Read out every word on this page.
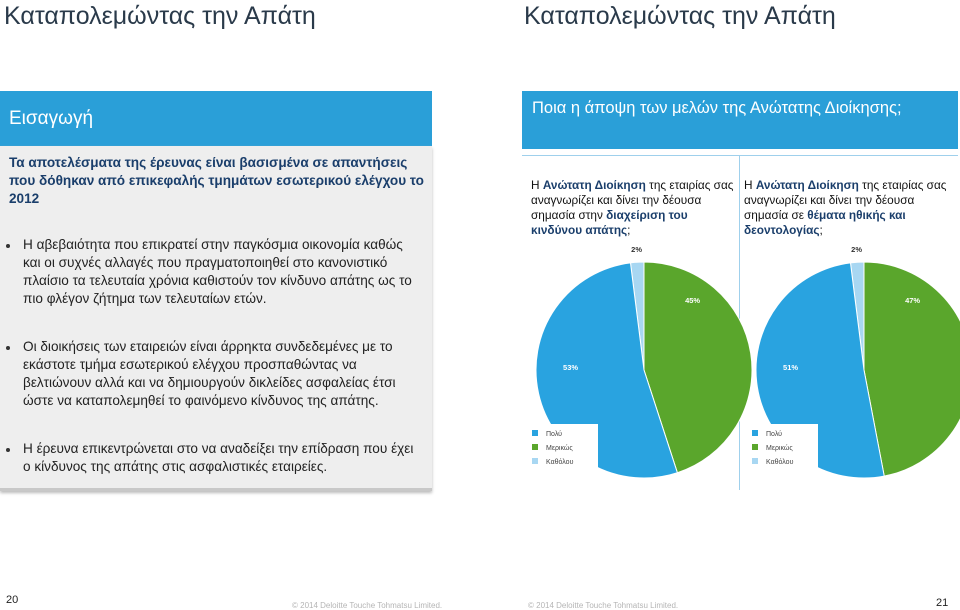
Καταπολεμώντας την Απάτη	Καταπολεμώντας την Απάτη
Εισαγωγή
Τα αποτελέσματα της έρευνας είναι βασισμένα σε απαντήσεις που δόθηκαν από επικεφαλής τμημάτων εσωτερικού ελέγχου το 2012
Η αβεβαιότητα που επικρατεί στην παγκόσμια οικονομία καθώς και οι συχνές αλλαγές που πραγματοποιηθεί στο κανονιστικό πλαίσιο τα τελευταία χρόνια καθιστούν τον κίνδυνο απάτης ως το πιο φλέγον ζήτημα των τελευταίων ετών.
Οι διοικήσεις των εταιρειών είναι άρρηκτα συνδεδεμένες με το εκάστοτε τμήμα εσωτερικού ελέγχου προσπαθώντας να βελτιώνουν αλλά και να δημιουργούν δικλείδες ασφαλείας έτσι ώστε να καταπολεμηθεί το φαινόμενο κίνδυνος της απάτης.
Η έρευνα επικεντρώνεται στο να αναδείξει την επίδραση που έχει ο κίνδυνος της απάτης στις ασφαλιστικές εταιρείες.
Ποια η άποψη των μελών της Ανώτατης Διοίκησης;
Η Ανώτατη Διοίκηση της εταιρίας σας αναγνωρίζει και δίνει την δέουσα σημασία στην διαχείριση του κινδύνου απάτης;
Η Ανώτατη Διοίκηση της εταιρίας σας αναγνωρίζει και δίνει την δέουσα σημασία σε θέματα ηθικής και δεοντολογίας;
2%
45%
53%
Πολύ
Μερικώς
Καθόλου
2%
47%
51%
Πολύ
Μερικώς
Καθόλου
20	© 2014 Deloitte Touche Tohmatsu Limited.	© 2014 Deloitte Touche Tohmatsu Limited.	21
